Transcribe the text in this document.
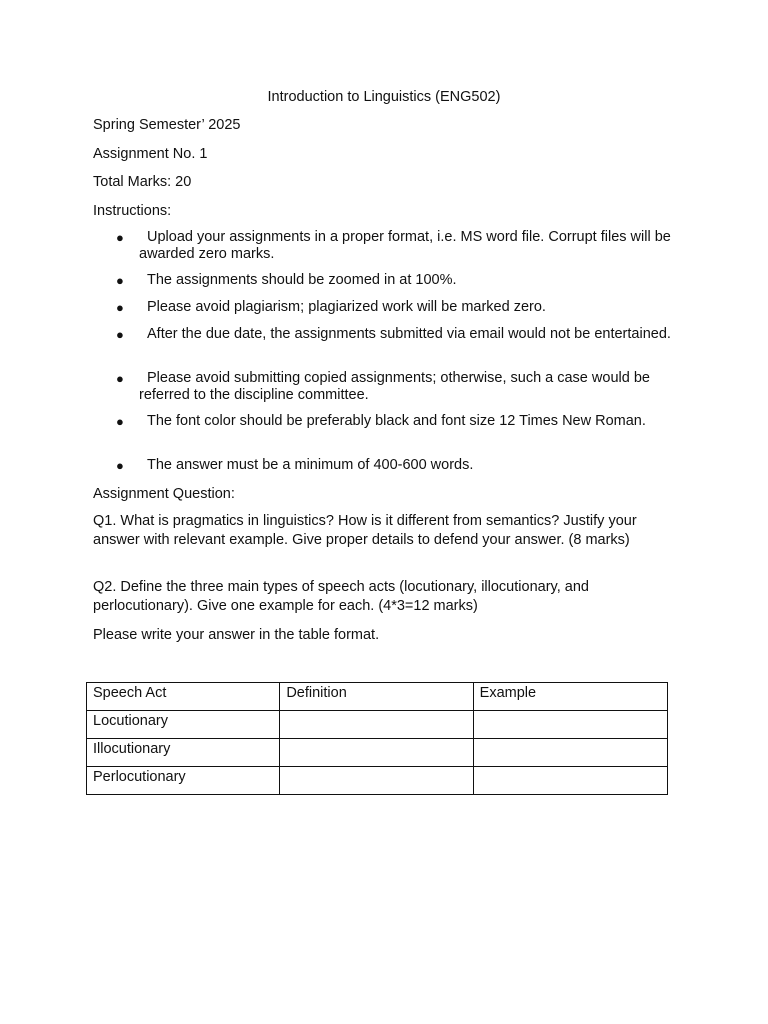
Introduction to Linguistics (ENG502)
Spring Semester’ 2025
Assignment No. 1
Total Marks: 20
Instructions:
●	Upload your assignments in a proper format, i.e. MS word file. Corrupt files will be awarded zero marks.
●	The assignments should be zoomed in at 100%.
●	Please avoid plagiarism; plagiarized work will be marked zero.
●	After the due date, the assignments submitted via email would not be entertained.
●	Please avoid submitting copied assignments; otherwise, such a case would be referred to the discipline committee.
●	The font color should be preferably black and font size 12 Times New Roman.
●	The answer must be a minimum of 400-600 words.
Assignment Question:
Q1. What is pragmatics in linguistics? How is it different from semantics? Justify your answer with relevant example. Give proper details to defend your answer. (8 marks)
Q2. Define the three main types of speech acts (locutionary, illocutionary, and perlocutionary). Give one example for each. (4*3=12 marks)
Please write your answer in the table format.
Speech Act	Definition	Example
Locutionary		
Illocutionary		
Perlocutionary		
